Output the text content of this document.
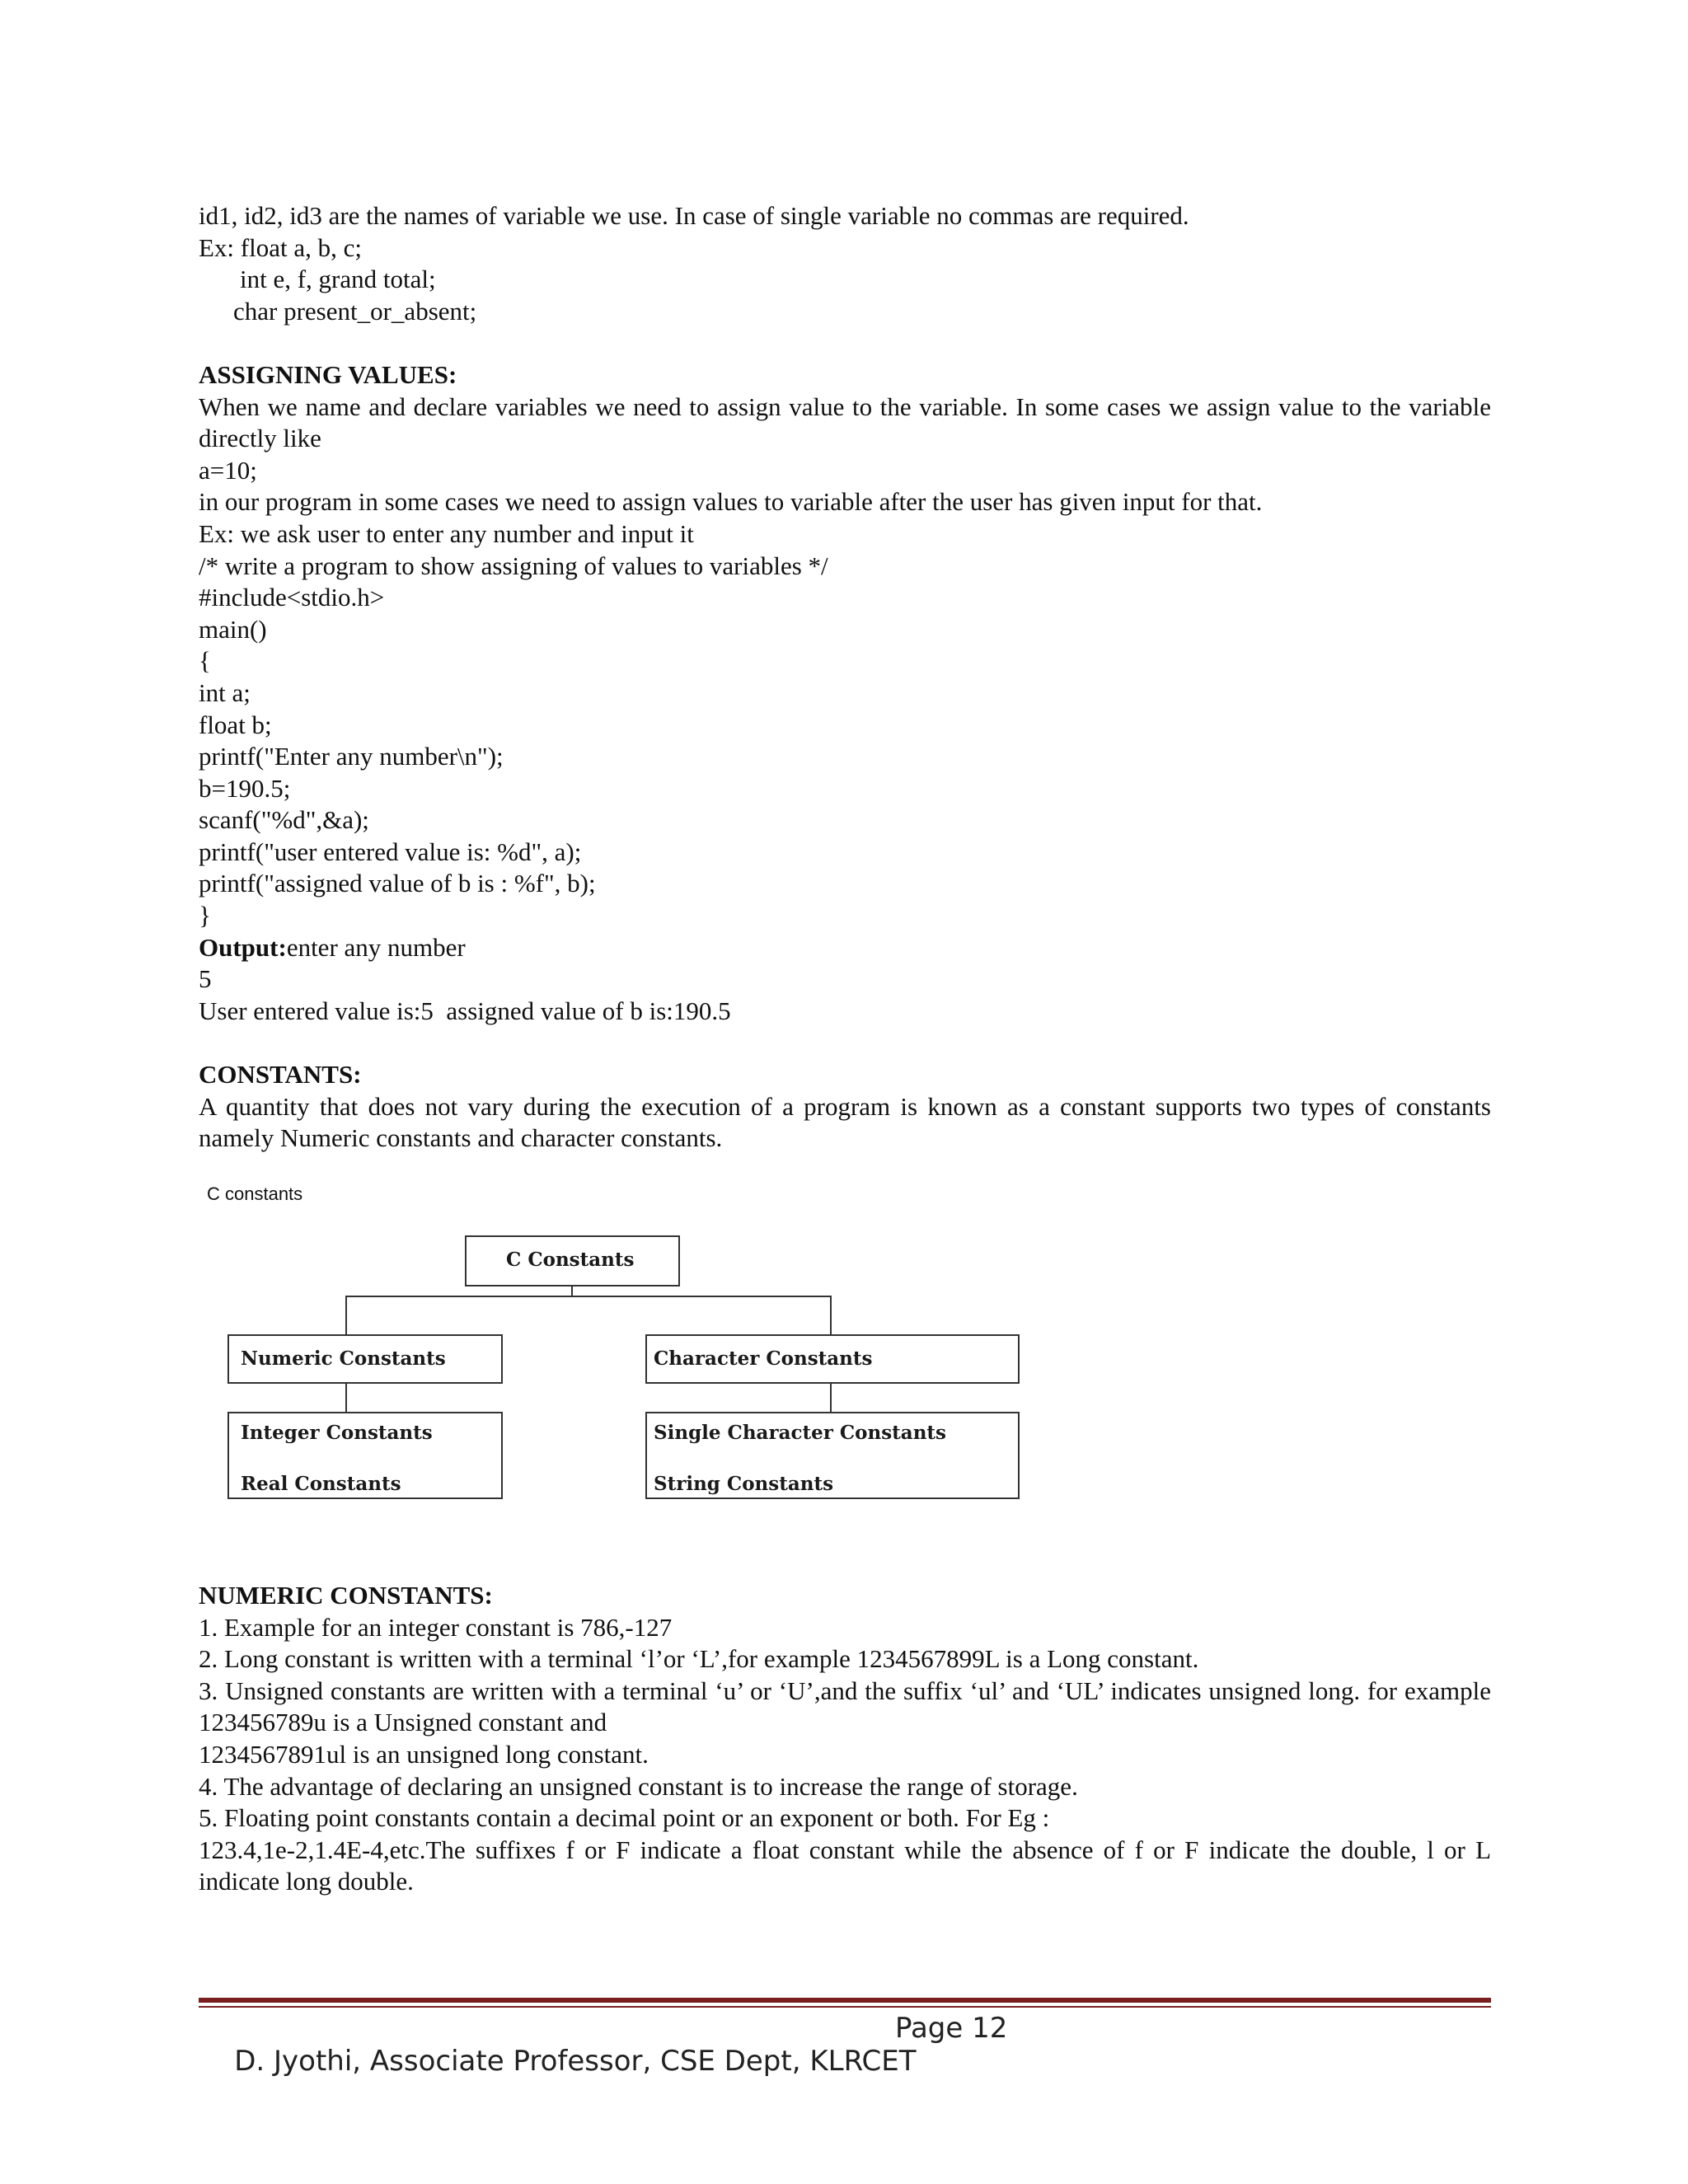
id1, id2, id3 are the names of variable we use. In case of single variable no commas are required.

Ex: float a, b, c;

int e, f, grand total;

char present_or_absent;

ASSIGNING VALUES:

When we name and declare variables we need to assign value to the variable. In some cases we assign value to the variable directly like

a=10;

in our program in some cases we need to assign values to variable after the user has given input for that.

Ex: we ask user to enter any number and input it

/* write a program to show assigning of values to variables */

#include<stdio.h>

main()

{

int a;

float b;

printf("Enter any number\n");

b=190.5;

scanf("%d",&a);

printf("user entered value is: %d", a);

printf("assigned value of b is : %f", b);

}

Output:enter any number

5

User entered value is:5  assigned value of b is:190.5

CONSTANTS:

A quantity that does not vary during the execution of a program is known as a constant supports two types of constants namely Numeric constants and character constants.

C constants
C Constants
Numeric Constants	Character Constants
Integer Constants
Real Constants
Single Character Constants
String Constants

NUMERIC CONSTANTS:

1. Example for an integer constant is 786,-127

2. Long constant is written with a terminal ‘l’or ‘L’,for example 1234567899L is a Long constant.

3. Unsigned constants are written with a terminal ‘u’ or ‘U’,and the suffix ‘ul’ and ‘UL’ indicates unsigned long. for example 123456789u is a Unsigned constant and

1234567891ul is an unsigned long constant.

4. The advantage of declaring an unsigned constant is to increase the range of storage.

5. Floating point constants contain a decimal point or an exponent or both. For Eg :

123.4,1e-2,1.4E-4,etc.The suffixes f or F indicate a float constant while the absence of f or F indicate the double, l or L indicate long double.

D. Jyothi, Associate Professor, CSE Dept, KLRCET

Page 12
